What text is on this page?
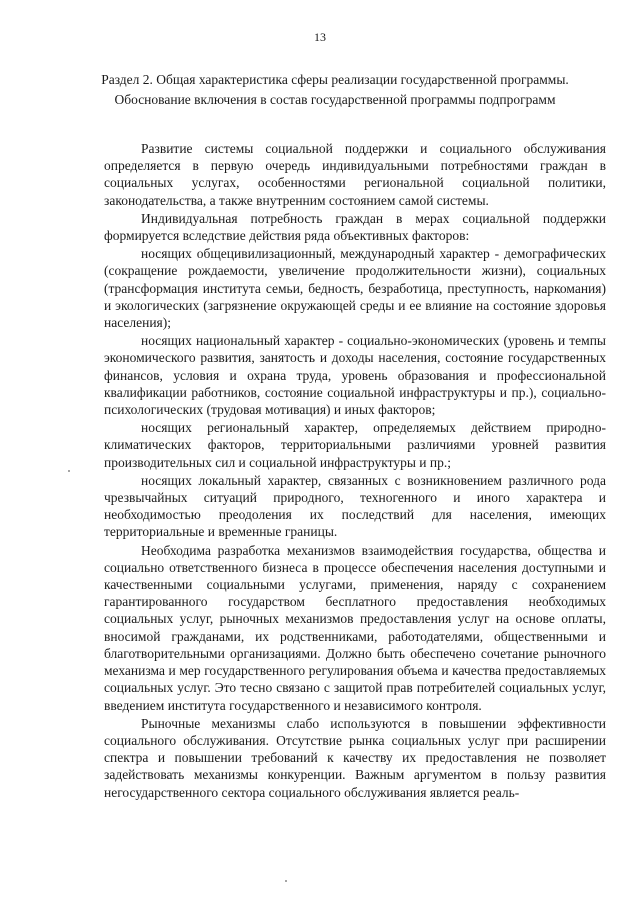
13
Раздел 2. Общая характеристика сферы реализации государственной программы. Обоснование включения в состав государственной программы подпрограмм

Развитие системы социальной поддержки и социального обслуживания определяется в первую очередь индивидуальными потребностями граждан в социальных услугах, особенностями региональной социальной политики, законодательства, а также внутренним состоянием самой системы.

Индивидуальная потребность граждан в мерах социальной поддержки формируется вследствие действия ряда объективных факторов:

носящих общецивилизационный, международный характер - демографических (сокращение рождаемости, увеличение продолжительности жизни), социальных (трансформация института семьи, бедность, безработица, преступность, наркомания) и экологических (загрязнение окружающей среды и ее влияние на состояние здоровья населения);

носящих национальный характер - социально-экономических (уровень и темпы экономического развития, занятость и доходы населения, состояние государственных финансов, условия и охрана труда, уровень образования и профессиональной квалификации работников, состояние социальной инфраструктуры и пр.), социально-психологических (трудовая мотивация) и иных факторов;

носящих региональный характер, определяемых действием природно-климатических факторов, территориальными различиями уровней развития производительных сил и социальной инфраструктуры и пр.;

носящих локальный характер, связанных с возникновением различного рода чрезвычайных ситуаций природного, техногенного и иного характера и необходимостью преодоления их последствий для населения, имеющих территориальные и временные границы.

Необходима разработка механизмов взаимодействия государства, общества и социально ответственного бизнеса в процессе обеспечения населения доступными и качественными социальными услугами, применения, наряду с сохранением гарантированного государством бесплатного предоставления необходимых социальных услуг, рыночных механизмов предоставления услуг на основе оплаты, вносимой гражданами, их родственниками, работодателями, общественными и благотворительными организациями. Должно быть обеспечено сочетание рыночного механизма и мер государственного регулирования объема и качества предоставляемых социальных услуг. Это тесно связано с защитой прав потребителей социальных услуг, введением института государственного и независимого контроля.

Рыночные механизмы слабо используются в повышении эффективности социального обслуживания. Отсутствие рынка социальных услуг при расширении спектра и повышении требований к качеству их предоставления не позволяет задействовать механизмы конкуренции. Важным аргументом в пользу развития негосударственного сектора социального обслуживания является реаль-
